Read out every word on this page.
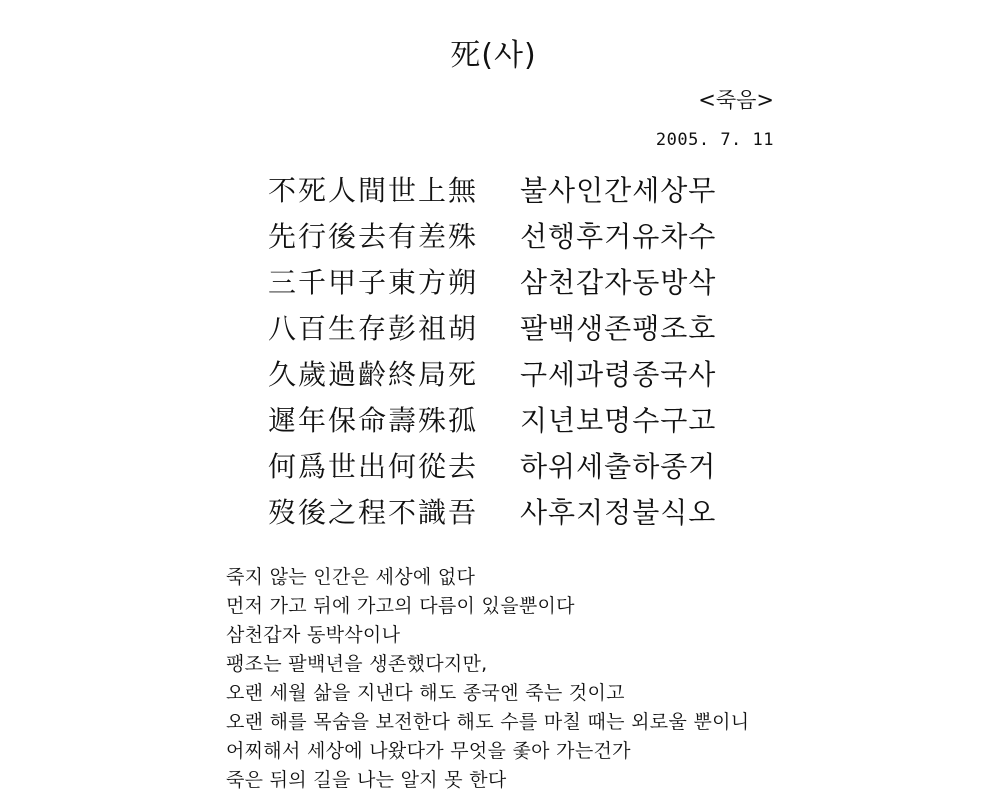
死(사)
<죽음>
2005. 7. 11
不死人間世上無	불사인간세상무
先行後去有差殊	선행후거유차수
三千甲子東方朔	삼천갑자동방삭
八百生存彭祖胡	팔백생존팽조호
久歲過齡終局死	구세과령종국사
遲年保命壽殊孤	지년보명수구고
何爲世出何從去	하위세출하종거
歿後之程不識吾	사후지정불식오
죽지 않는 인간은 세상에 없다
먼저 가고 뒤에 가고의 다름이 있을뿐이다
삼천갑자 동박삭이나
팽조는 팔백년을 생존했다지만,
오랜 세월 삶을 지낸다 해도 종국엔 죽는 것이고
오랜 해를 목숨을 보전한다 해도 수를 마칠 때는 외로울 뿐이니
어찌해서 세상에 나왔다가 무엇을 좇아 가는건가
죽은 뒤의 길을 나는 알지 못 한다
